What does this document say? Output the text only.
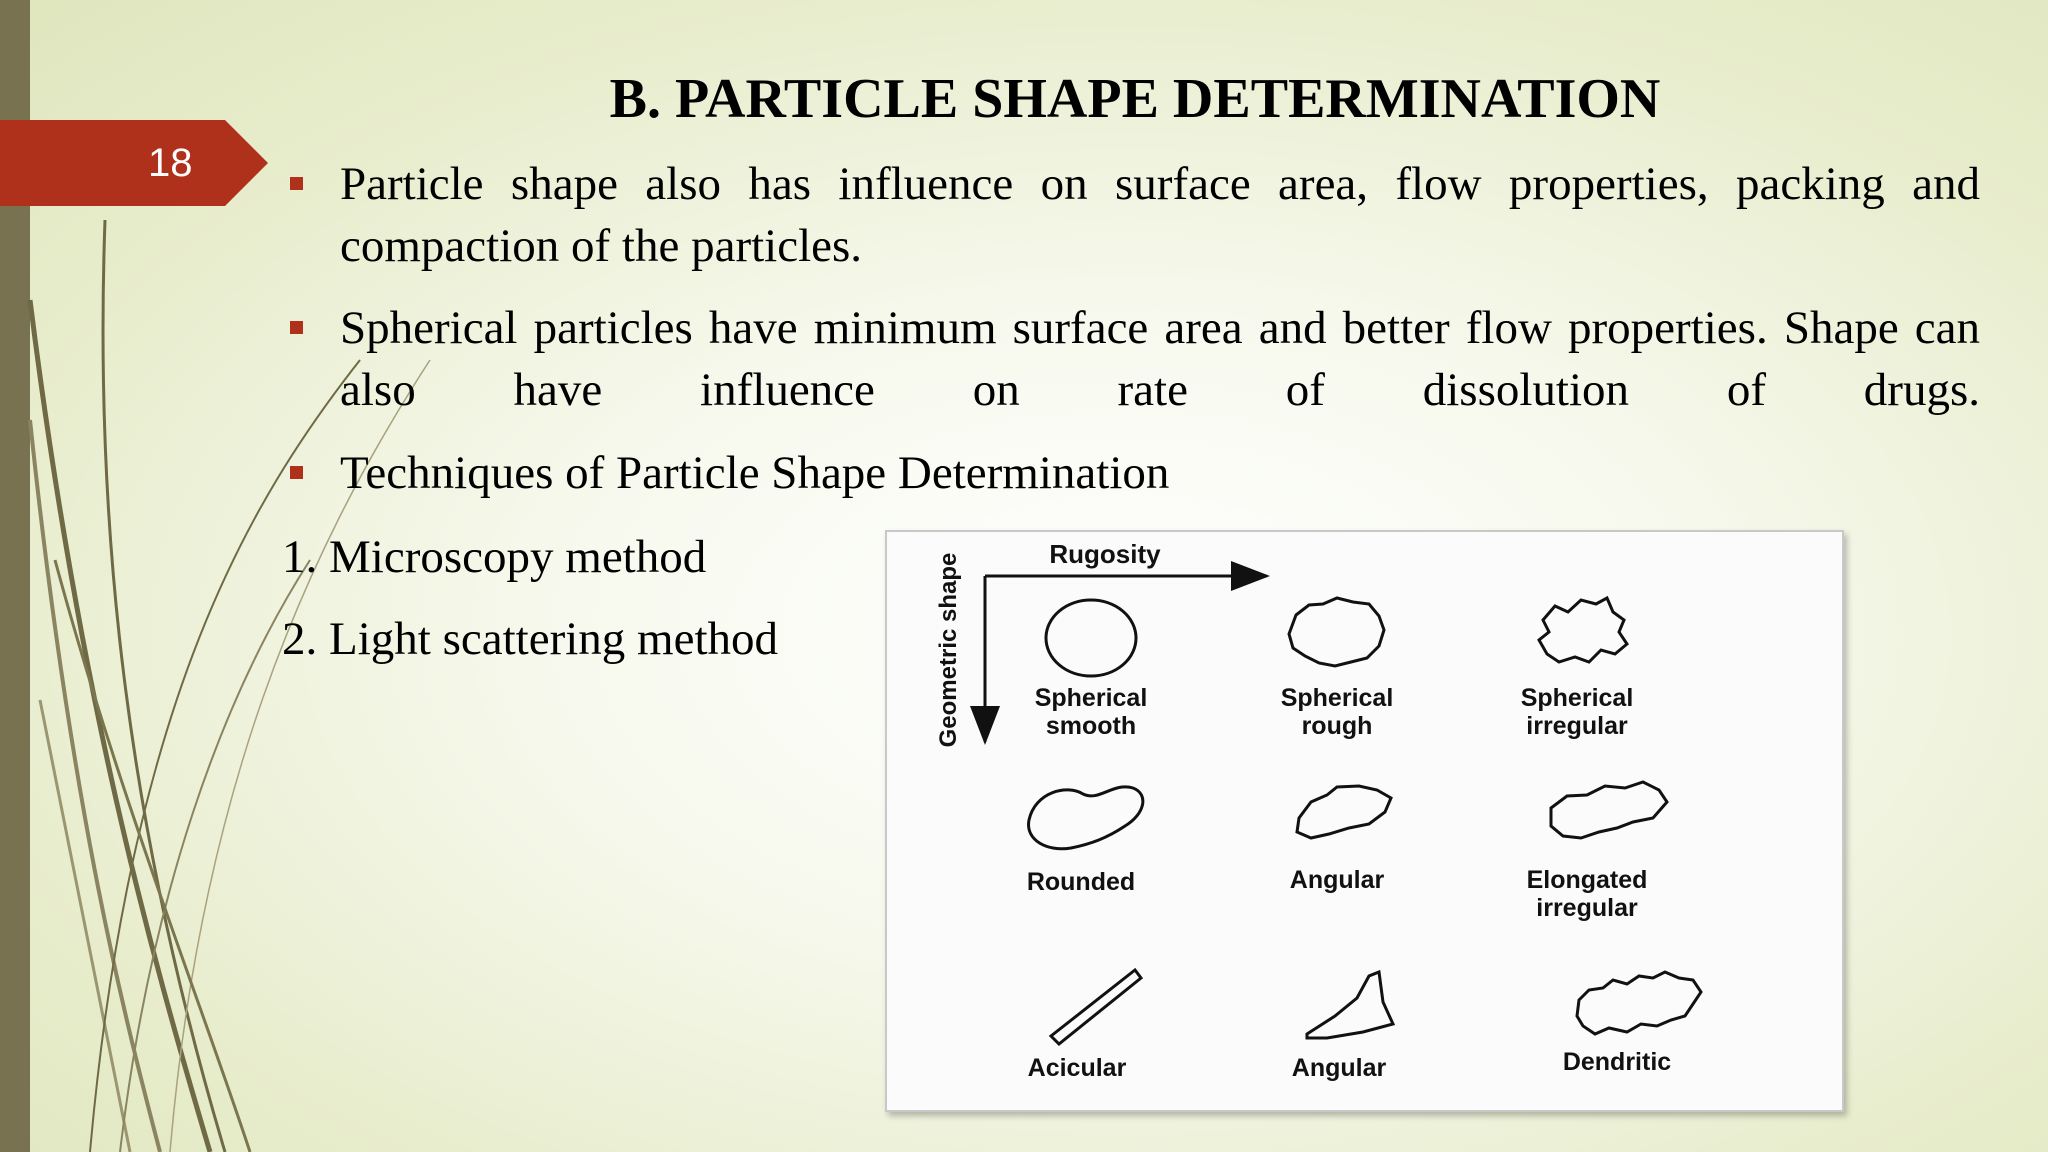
18
B. PARTICLE SHAPE DETERMINATION
Particle shape also has influence on surface area, flow properties, packing and compaction of the particles.
Spherical particles have minimum surface area and better flow properties. Shape can also have influence on rate of dissolution of drugs.
Techniques of Particle Shape Determination
1. Microscopy method
2. Light scattering method
Rugosity
Geometric shape	Spherical
smooth
Spherical
rough
Spherical
irregular
Rounded	Angular	Elongated
irregular
Acicular	Angular	Dendritic
